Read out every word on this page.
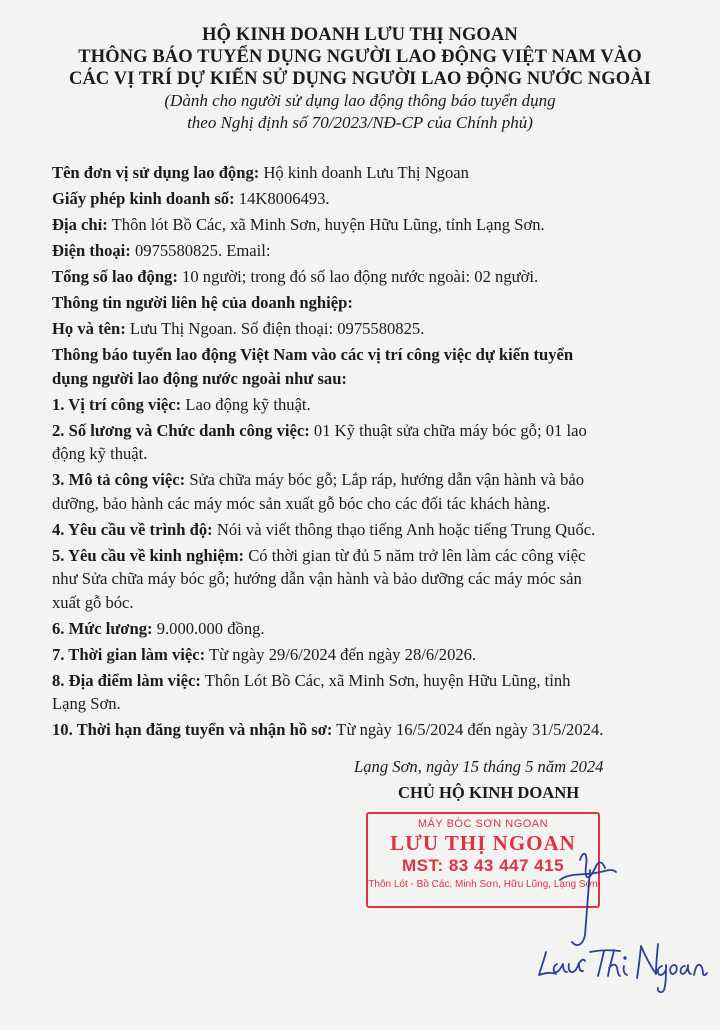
HỘ KINH DOANH LƯU THỊ NGOAN
THÔNG BÁO TUYỂN DỤNG NGƯỜI LAO ĐỘNG VIỆT NAM VÀO
CÁC VỊ TRÍ DỰ KIẾN SỬ DỤNG NGƯỜI LAO ĐỘNG NƯỚC NGOÀI
(Dành cho người sử dụng lao động thông báo tuyển dụng
theo Nghị định số 70/2023/NĐ-CP của Chính phủ)
Tên đơn vị sử dụng lao động: Hộ kinh doanh Lưu Thị Ngoan
Giấy phép kinh doanh số: 14K8006493.
Địa chỉ: Thôn lót Bồ Các, xã Minh Sơn, huyện Hữu Lũng, tỉnh Lạng Sơn.
Điện thoại: 0975580825. Email:
Tổng số lao động: 10 người; trong đó số lao động nước ngoài: 02 người.
Thông tin người liên hệ của doanh nghiệp:
Họ và tên: Lưu Thị Ngoan. Số điện thoại: 0975580825.
Thông báo tuyển lao động Việt Nam vào các vị trí công việc dự kiến tuyển
dụng người lao động nước ngoài như sau:
1. Vị trí công việc: Lao động kỹ thuật.
2. Số lương và Chức danh công việc: 01 Kỹ thuật sửa chữa máy bóc gỗ; 01 lao
động kỹ thuật.
3. Mô tả công việc: Sửa chữa máy bóc gỗ; Lắp ráp, hướng dẫn vận hành và bảo
dưỡng, bảo hành các máy móc sản xuất gỗ bóc cho các đối tác khách hàng.
4. Yêu cầu về trình độ: Nói và viết thông thạo tiếng Anh hoặc tiếng Trung Quốc.
5. Yêu cầu về kinh nghiệm: Có thời gian từ đủ 5 năm trở lên làm các công việc
như Sửa chữa máy bóc gỗ; hướng dẫn vận hành và bảo dưỡng các máy móc sản
xuất gỗ bóc.
6. Mức lương: 9.000.000 đồng.
7. Thời gian làm việc: Từ ngày 29/6/2024 đến ngày 28/6/2026.
8. Địa điểm làm việc: Thôn Lót Bồ Các, xã Minh Sơn, huyện Hữu Lũng, tỉnh
Lạng Sơn.
10. Thời hạn đăng tuyển và nhận hồ sơ: Từ ngày 16/5/2024 đến ngày 31/5/2024.
Lạng Sơn, ngày 15 tháng 5 năm 2024
CHỦ HỘ KINH DOANH
MÁY BÓC SƠN NGOAN
LƯU THỊ NGOAN
MST: 83 43 447 415
Thôn Lót - Bồ Các, Minh Sơn, Hữu Lũng, Lạng Sơn
